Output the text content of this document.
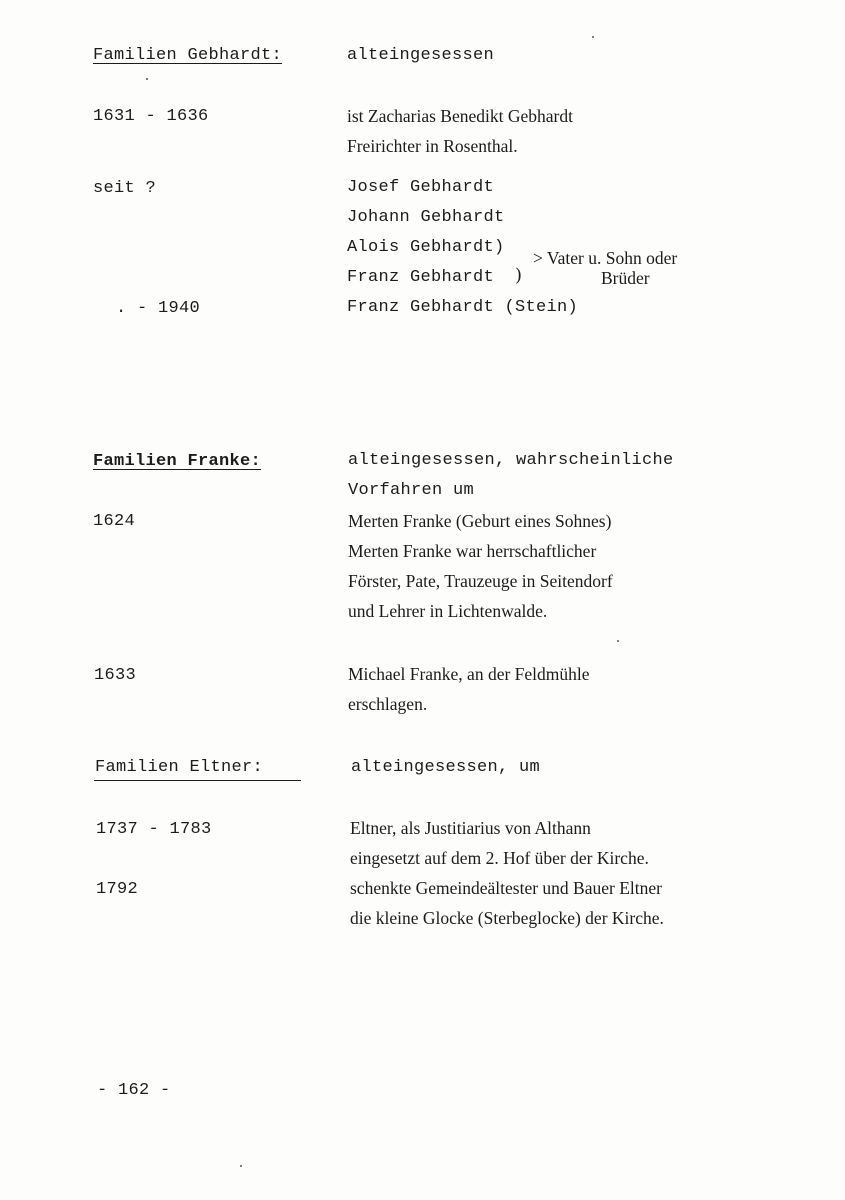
Familien Gebhardt:	alteingesessen
1631 - 1636	ist Zacharias Benedikt Gebhardt
Freirichter in Rosenthal.
seit ?	Josef Gebhardt
Johann Gebhardt
Alois Gebhardt)
Franz Gebhardt )
> Vater u. Sohn oder
Brüder
. - 1940	Franz Gebhardt (Stein)
Familien Franke:	alteingesessen, wahrscheinliche
Vorfahren um
1624	Merten Franke (Geburt eines Sohnes)
Merten Franke war herrschaftlicher
Förster, Pate, Trauzeuge in Seitendorf
und Lehrer in Lichtenwalde.
1633	Michael Franke, an der Feldmühle
erschlagen.
Familien Eltner:	alteingesessen, um
1737 - 1783	Eltner, als Justitiarius von Althann
eingesetzt auf dem 2. Hof über der Kirche.
1792	schenkte Gemeindeältester und Bauer Eltner
die kleine Glocke (Sterbeglocke) der Kirche.
- 162 -
